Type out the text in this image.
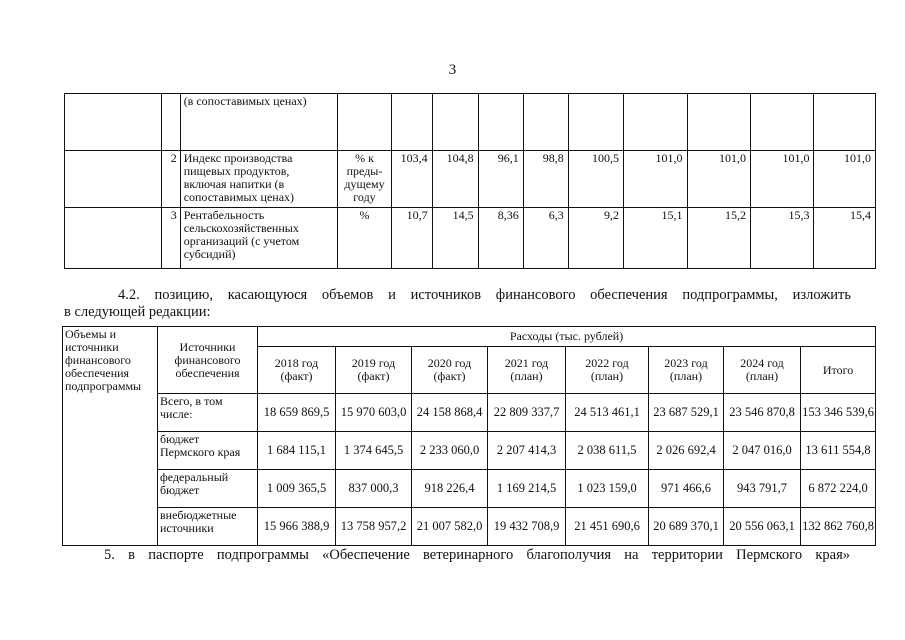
3
		(в сопоставимых ценах)										
	2	Индекс производства пищевых продуктов, включая напитки (в сопоставимых ценах)	% к преды-дущему году	103,4	104,8	96,1	98,8	100,5	101,0	101,0	101,0	101,0
	3	Рентабельность сельскохозяйственных организаций (с учетом субсидий)	%	10,7	14,5	8,36	6,3	9,2	15,1	15,2	15,3	15,4
4.2. позицию, касающуюся объемов и источников финансового обеспечения подпрограммы, изложить
в следующей редакции:
Объемы и источники финансового обеспечения подпрограммы	Источники финансового обеспечения	Расходы (тыс. рублей)							
		2018 год (факт)	2019 год (факт)	2020 год (факт)	2021 год (план)	2022 год (план)	2023 год (план)	2024 год (план)	Итого
	Всего, в том числе:	18 659 869,5	15 970 603,0	24 158 868,4	22 809 337,7	24 513 461,1	23 687 529,1	23 546 870,8	153 346 539,6
	бюджет Пермского края	1 684 115,1	1 374 645,5	2 233 060,0	2 207 414,3	2 038 611,5	2 026 692,4	2 047 016,0	13 611 554,8
	федеральный бюджет	1 009 365,5	837 000,3	918 226,4	1 169 214,5	1 023 159,0	971 466,6	943 791,7	6 872 224,0
	внебюджетные источники	15 966 388,9	13 758 957,2	21 007 582,0	19 432 708,9	21 451 690,6	20 689 370,1	20 556 063,1	132 862 760,8
5. в паспорте подпрограммы «Обеспечение ветеринарного благополучия на территории Пермского края»
